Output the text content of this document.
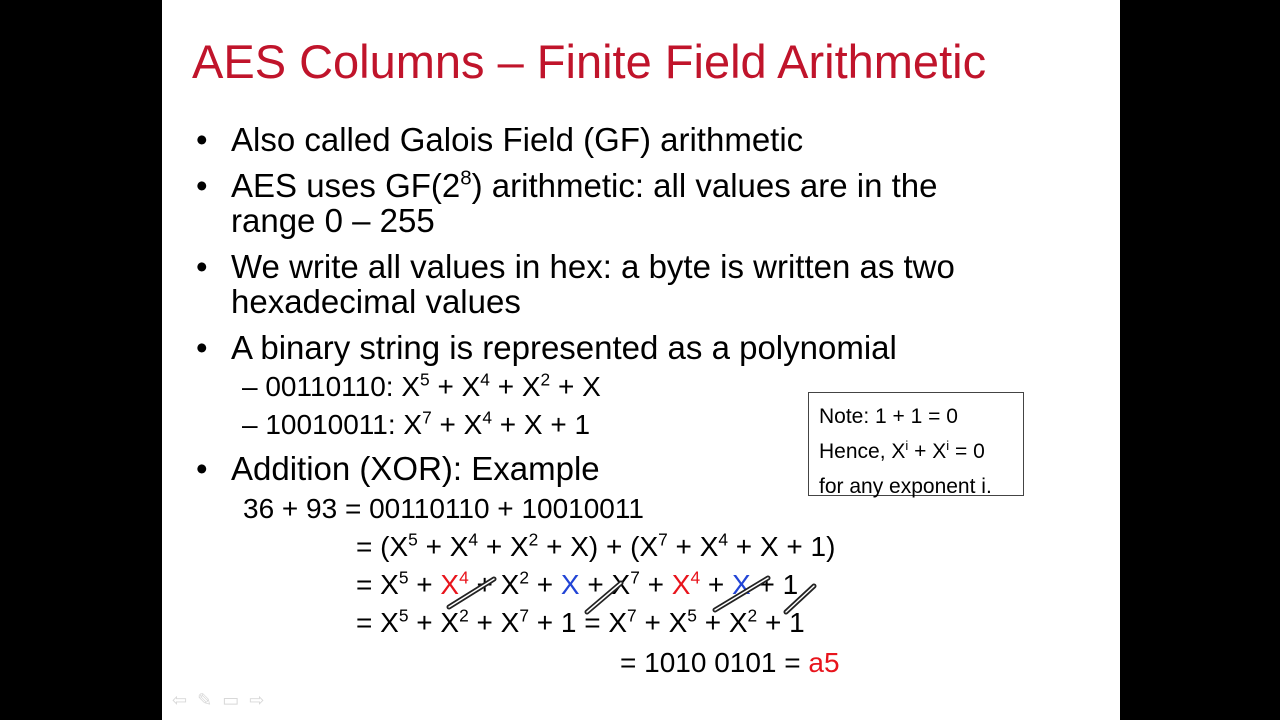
AES Columns – Finite Field Arithmetic
• Also called Galois Field (GF) arithmetic
• AES uses $GF(2^8)$ arithmetic: all values are in the
range 0 – 255
• We write all values in hex: a byte is written as two
hexadecimal values
• A binary string is represented as a polynomial
– 00110110: $X^5 + X^4 + X^2 + X$
– 10010011: $X^7 + X^4 + X + 1$
• Addition (XOR): Example
36 + 93 = 00110110 + 10010011
= $(X^5 + X^4 + X^2 + X) + (X^7 + X^4 + X + 1)$
= $X^5 + X^4 + X^2 + X + X^7 + X^4 + X + 1$
= $X^5 + X^2 + X^7 + 1 = X^7 + X^5 + X^2 + 1$
= 1010 0101 = a5
Note: 1 + 1 = 0
Hence, $X^i + X^i = 0$
for any exponent i.
⇦✎▭⇨
